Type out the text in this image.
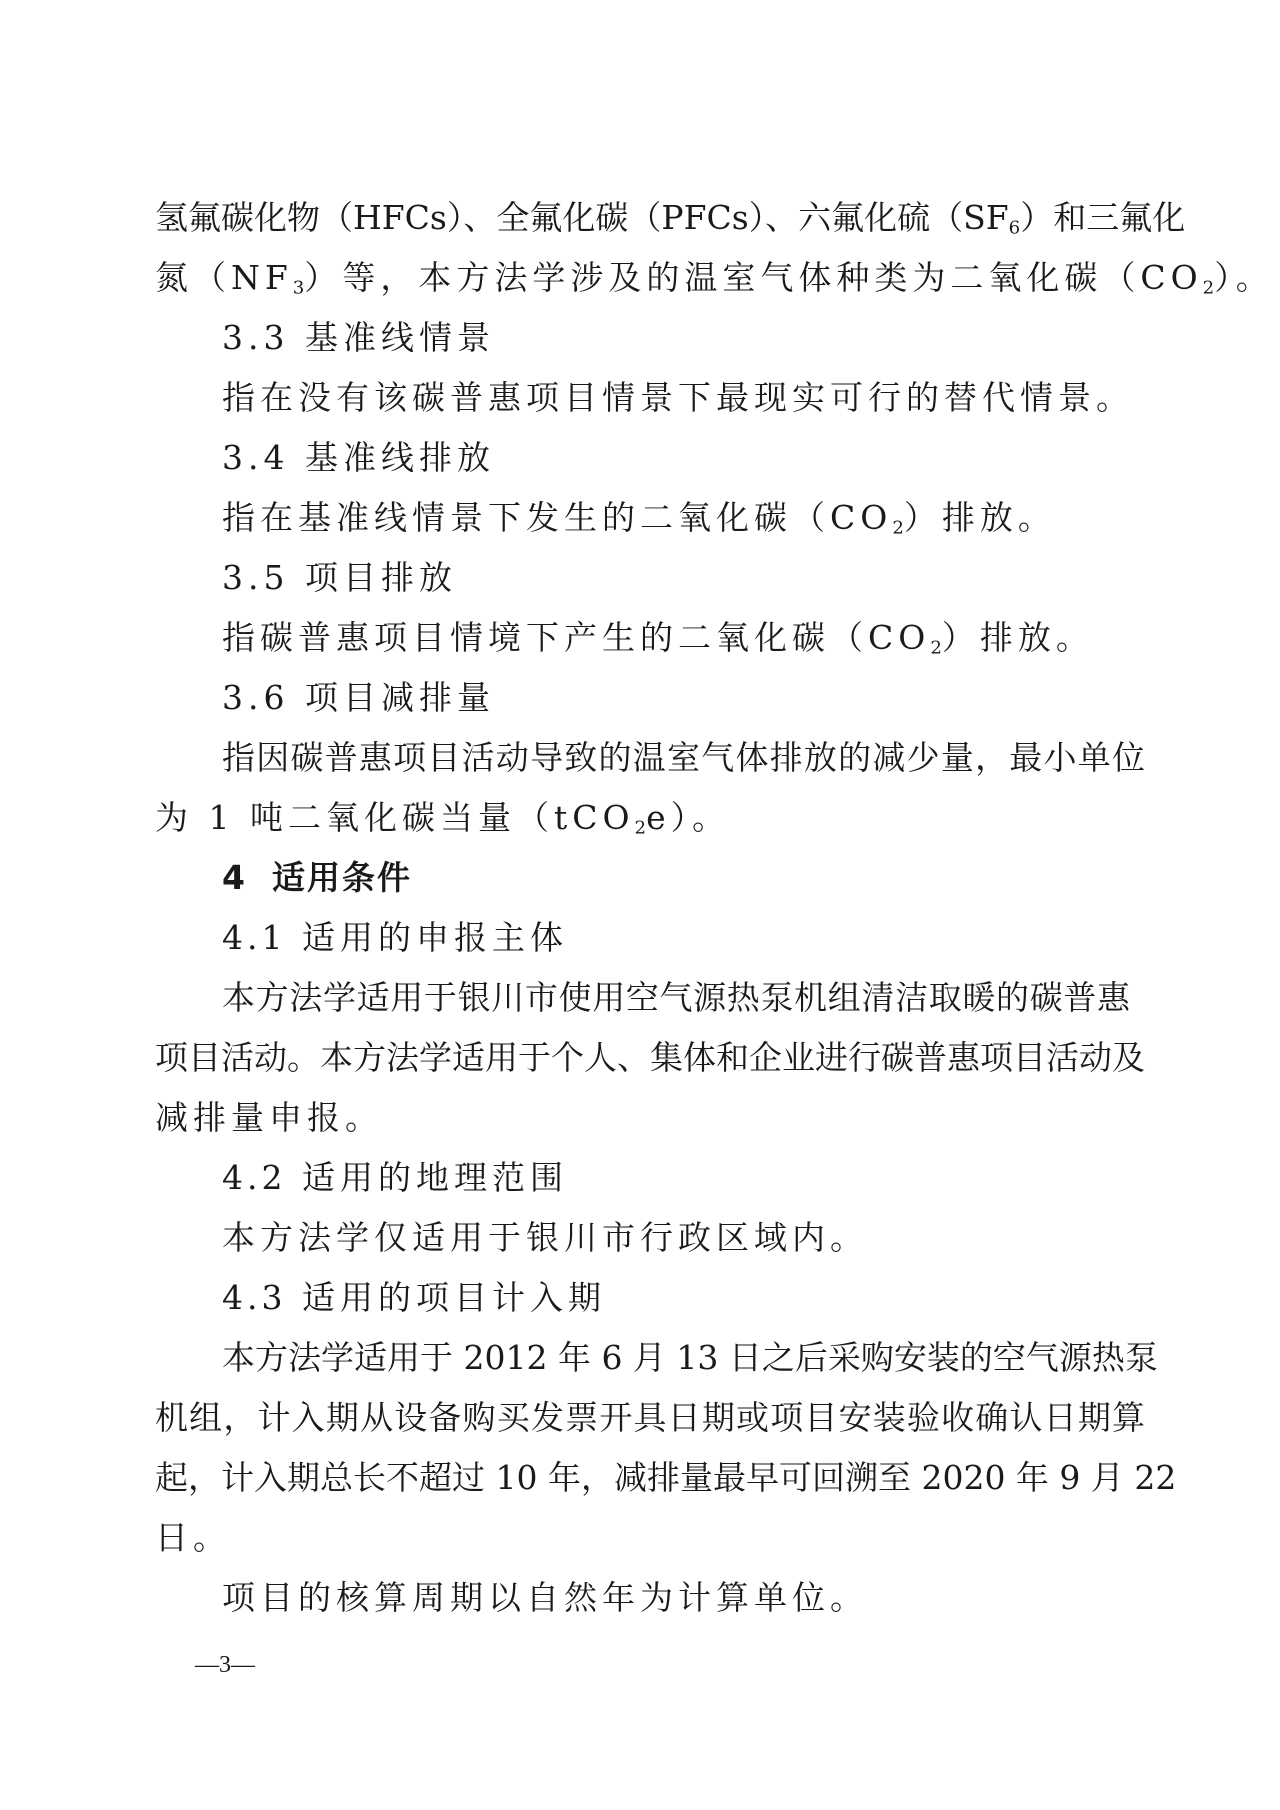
氢氟碳化物（HFCs）、全氟化碳（PFCs）、六氟化硫$(SF_6)$和三氟化
氮$(NF_3)$等，本方法学涉及的温室气体种类为二氧化碳$(CO_2)$。
3.3 基准线情景
指在没有该碳普惠项目情景下最现实可行的替代情景。
3.4 基准线排放
指在基准线情景下发生的二氧化碳$(CO_2)$排放。
3.5 项目排放
指碳普惠项目情境下产生的二氧化碳$(CO_2)$排放。
3.6 项目减排量
指因碳普惠项目活动导致的温室气体排放的减少量，最小单位
为 1 吨二氧化碳当量（tCO$_2$e）。
4 适用条件
4.1 适用的申报主体
本方法学适用于银川市使用空气源热泵机组清洁取暖的碳普惠
项目活动。本方法学适用于个人、集体和企业进行碳普惠项目活动及
减排量申报。
4.2 适用的地理范围
本方法学仅适用于银川市行政区域内。
4.3 适用的项目计入期
本方法学适用于 2012 年 6 月 13 日之后采购安装的空气源热泵
机组，计入期从设备购买发票开具日期或项目安装验收确认日期算
起，计入期总长不超过 10 年，减排量最早可回溯至 2020 年 9 月 22
日。
项目的核算周期以自然年为计算单位。
—3—
